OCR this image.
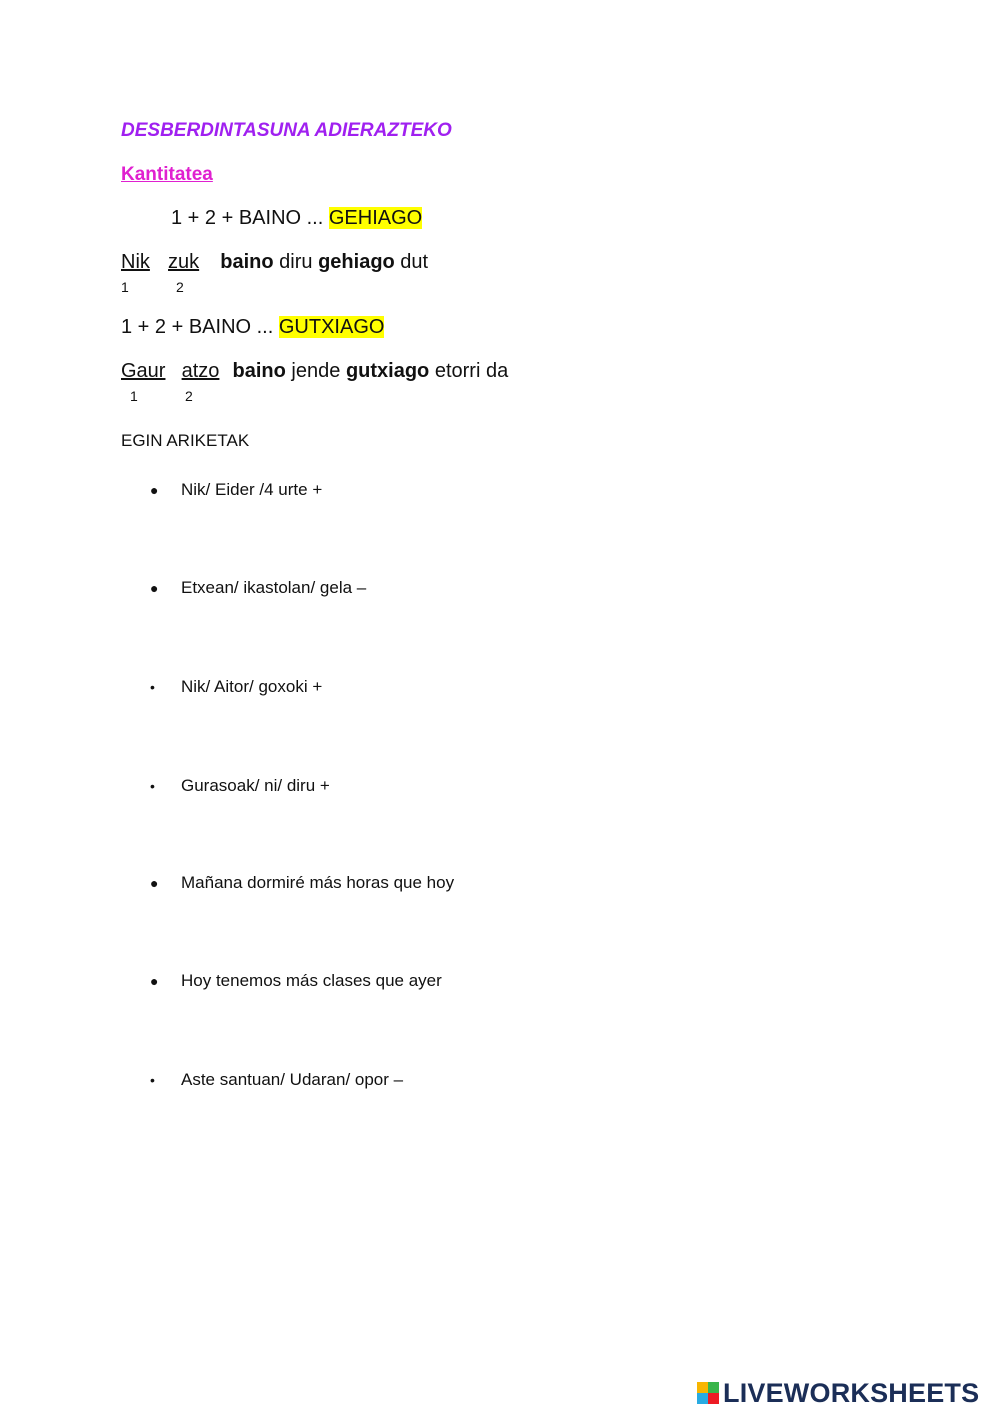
DESBERDINTASUNA ADIERAZTEKO
Kantitatea
1 + 2 + BAINO ... GEHIAGO
Nik zuk baino diru gehiago dut
1	2
1 + 2 + BAINO ... GUTXIAGO
Gaur atzo baino jende gutxiago etorri da
1	2
EGIN ARIKETAK
● Nik/ Eider /4 urte +
● Etxean/ ikastolan/ gela –
• Nik/ Aitor/ goxoki +
• Gurasoak/ ni/ diru +
● Mañana dormiré más horas que hoy
● Hoy tenemos más clases que ayer
• Aste santuan/ Udaran/ opor –
LIVEWORKSHEETS
